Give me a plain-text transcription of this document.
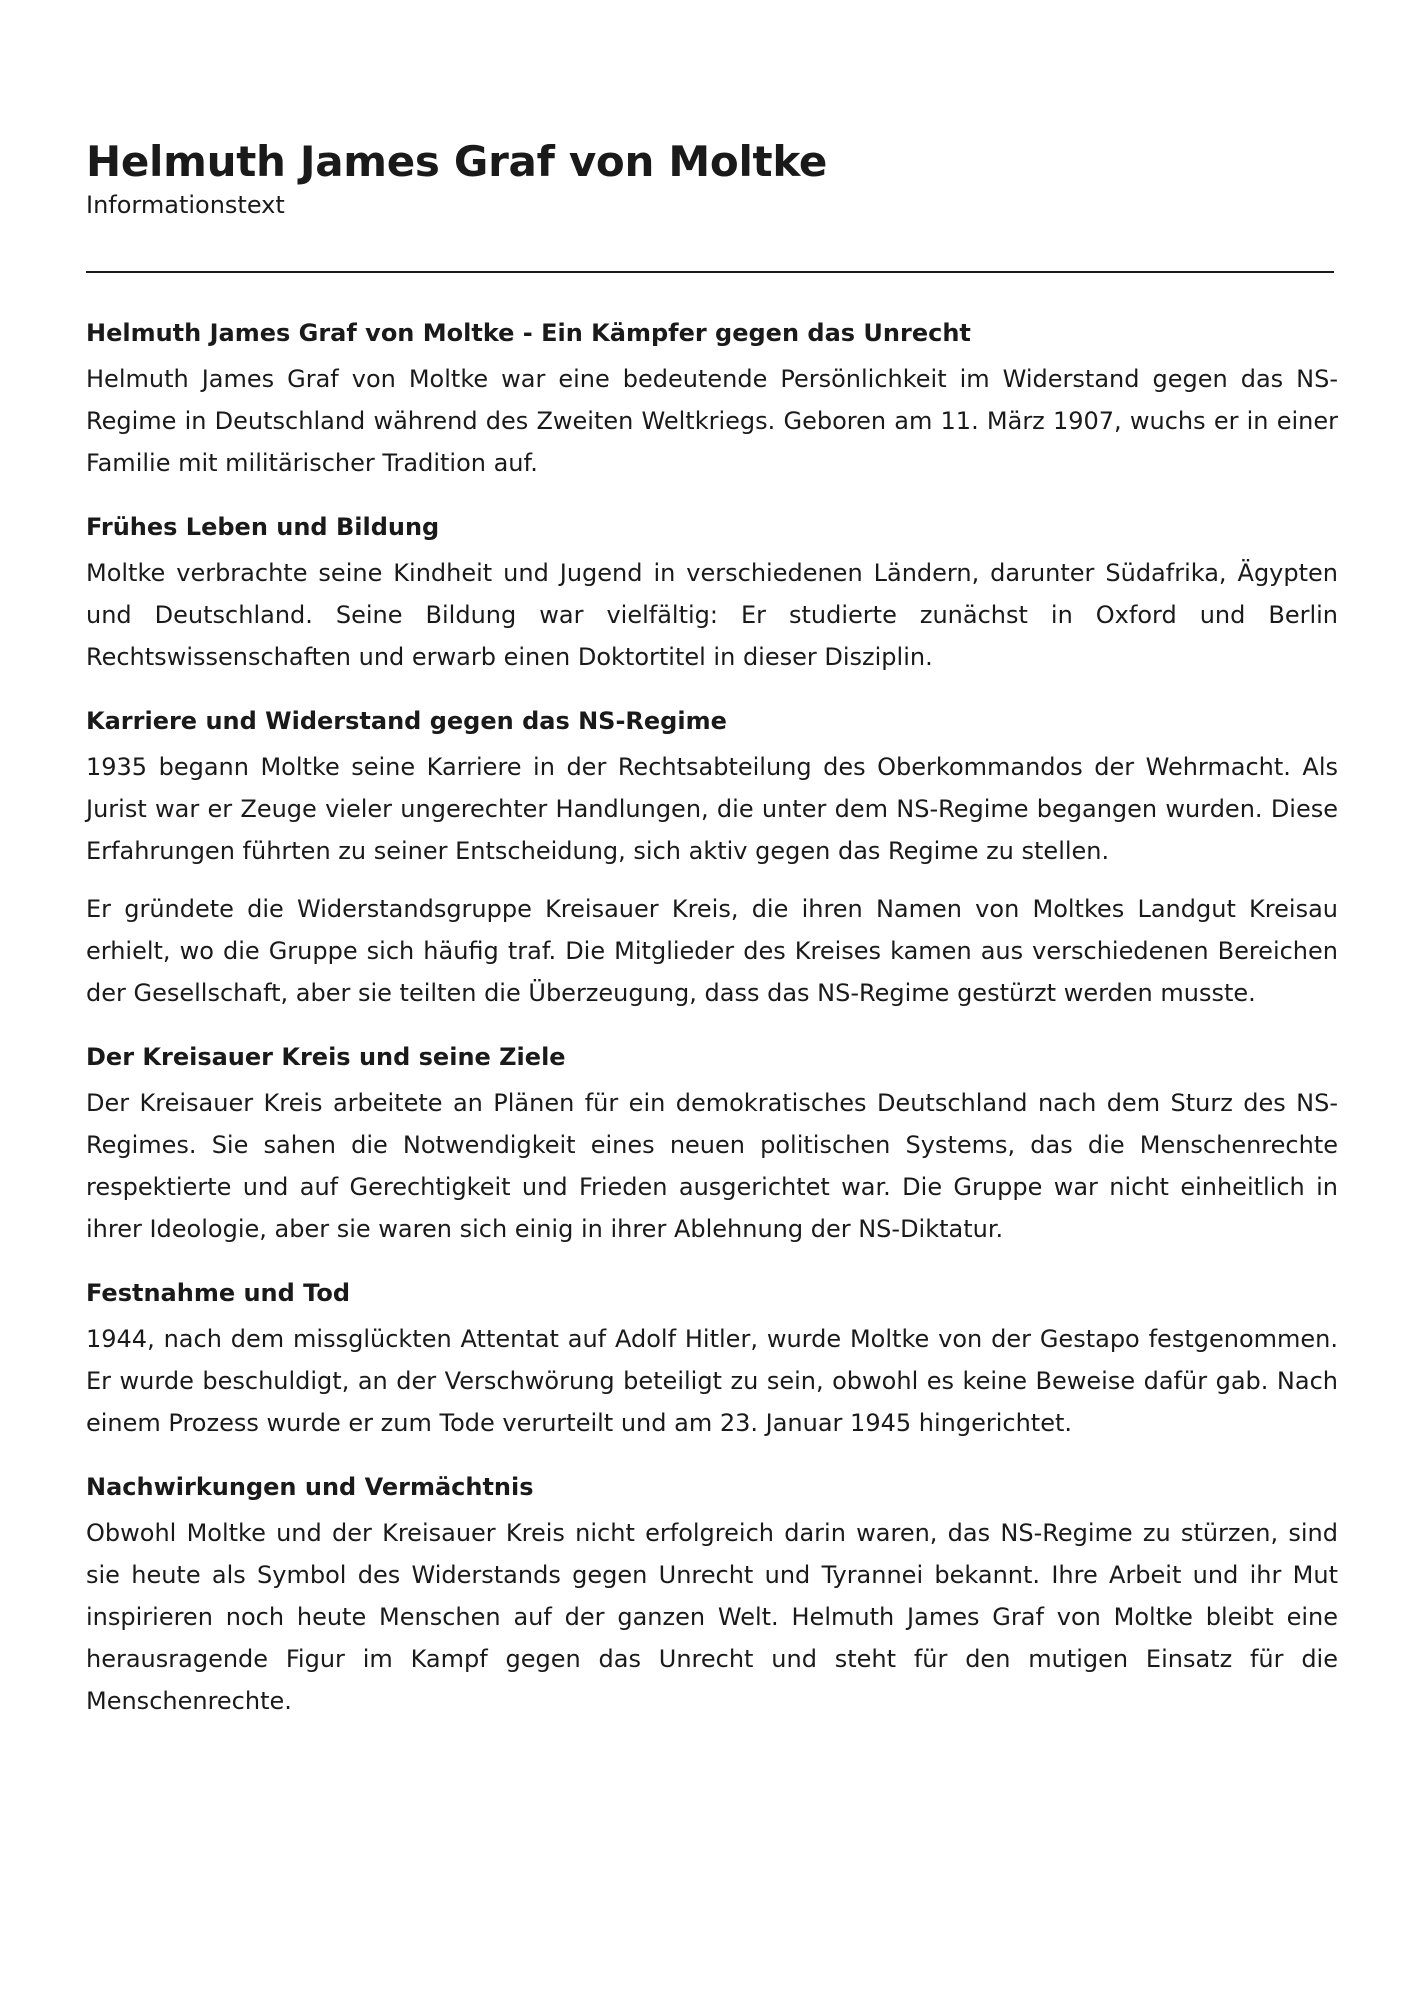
Helmuth James Graf von Moltke
Informationstext
Helmuth James Graf von Moltke - Ein Kämpfer gegen das Unrecht

Helmuth James Graf von Moltke war eine bedeutende Persönlichkeit im Widerstand gegen das NS-Regime in Deutschland während des Zweiten Weltkriegs. Geboren am 11. März 1907, wuchs er in einer Familie mit militärischer Tradition auf.

Frühes Leben und Bildung

Moltke verbrachte seine Kindheit und Jugend in verschiedenen Ländern, darunter Südafrika, Ägypten und Deutschland. Seine Bildung war vielfältig: Er studierte zunächst in Oxford und Berlin Rechtswissenschaften und erwarb einen Doktortitel in dieser Disziplin.

Karriere und Widerstand gegen das NS-Regime

1935 begann Moltke seine Karriere in der Rechtsabteilung des Oberkommandos der Wehrmacht. Als Jurist war er Zeuge vieler ungerechter Handlungen, die unter dem NS-Regime begangen wurden. Diese Erfahrungen führten zu seiner Entscheidung, sich aktiv gegen das Regime zu stellen.

Er gründete die Widerstandsgruppe Kreisauer Kreis, die ihren Namen von Moltkes Landgut Kreisau erhielt, wo die Gruppe sich häufig traf. Die Mitglieder des Kreises kamen aus verschiedenen Bereichen der Gesellschaft, aber sie teilten die Überzeugung, dass das NS-Regime gestürzt werden musste.

Der Kreisauer Kreis und seine Ziele

Der Kreisauer Kreis arbeitete an Plänen für ein demokratisches Deutschland nach dem Sturz des NS-Regimes. Sie sahen die Notwendigkeit eines neuen politischen Systems, das die Menschenrechte respektierte und auf Gerechtigkeit und Frieden ausgerichtet war. Die Gruppe war nicht einheitlich in ihrer Ideologie, aber sie waren sich einig in ihrer Ablehnung der NS-Diktatur.

Festnahme und Tod

1944, nach dem missglückten Attentat auf Adolf Hitler, wurde Moltke von der Gestapo festgenommen. Er wurde beschuldigt, an der Verschwörung beteiligt zu sein, obwohl es keine Beweise dafür gab. Nach einem Prozess wurde er zum Tode verurteilt und am 23. Januar 1945 hingerichtet.

Nachwirkungen und Vermächtnis

Obwohl Moltke und der Kreisauer Kreis nicht erfolgreich darin waren, das NS-Regime zu stürzen, sind sie heute als Symbol des Widerstands gegen Unrecht und Tyrannei bekannt. Ihre Arbeit und ihr Mut inspirieren noch heute Menschen auf der ganzen Welt. Helmuth James Graf von Moltke bleibt eine herausragende Figur im Kampf gegen das Unrecht und steht für den mutigen Einsatz für die Menschenrechte.
